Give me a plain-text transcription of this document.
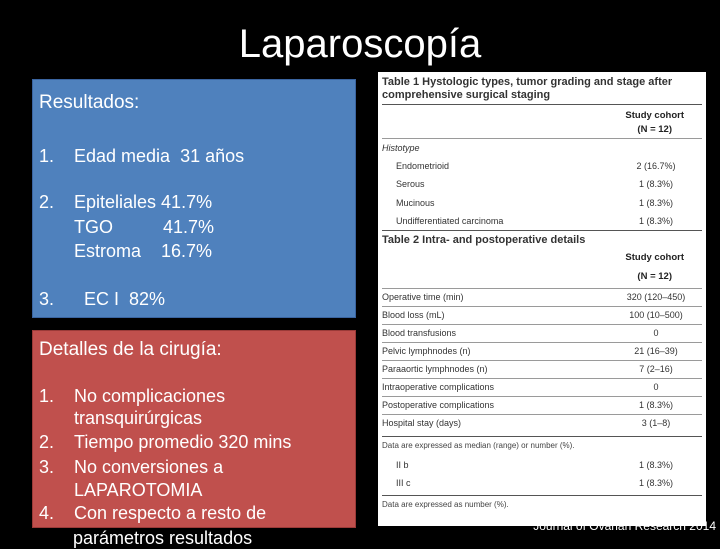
Laparoscopía
Resultados:
1. Edad media  31 años
2. Epiteliales 41.7%
TGO          41.7%
Estroma    16.7%
3. EC I  82%
Table 1 Hystologic types, tumor grading and stage after
comprehensive surgical staging
Study cohort
(N = 12)
Histotype
Endometrioid	2 (16.7%)
Serous	1 (8.3%)
Mucinous	1 (8.3%)
Undifferentiated carcinoma	1 (8.3%)
Table 2 Intra- and postoperative details
Study cohort
(N = 12)
Operative time (min)	320 (120–450)
Blood loss (mL)	100 (10–500)
Blood transfusions	0
Pelvic lymphnodes (n)	21 (16–39)
Paraaortic lymphnodes (n)	7 (2–16)
Intraoperative complications	0
Postoperative complications	1 (8.3%)
Hospital stay (days)	3 (1–8)
Data are expressed as median (range) or number (%).
II b	1 (8.3%)
III c	1 (8.3%)
Data are expressed as number (%).
Detalles de la cirugía:
1. No complicaciones
transquirúrgicas
2. Tiempo promedio 320 mins
3. No conversiones a
LAPAROTOMIA
4. Con respecto a resto de
parámetros resultados
Journal of Ovarian Research 2014
